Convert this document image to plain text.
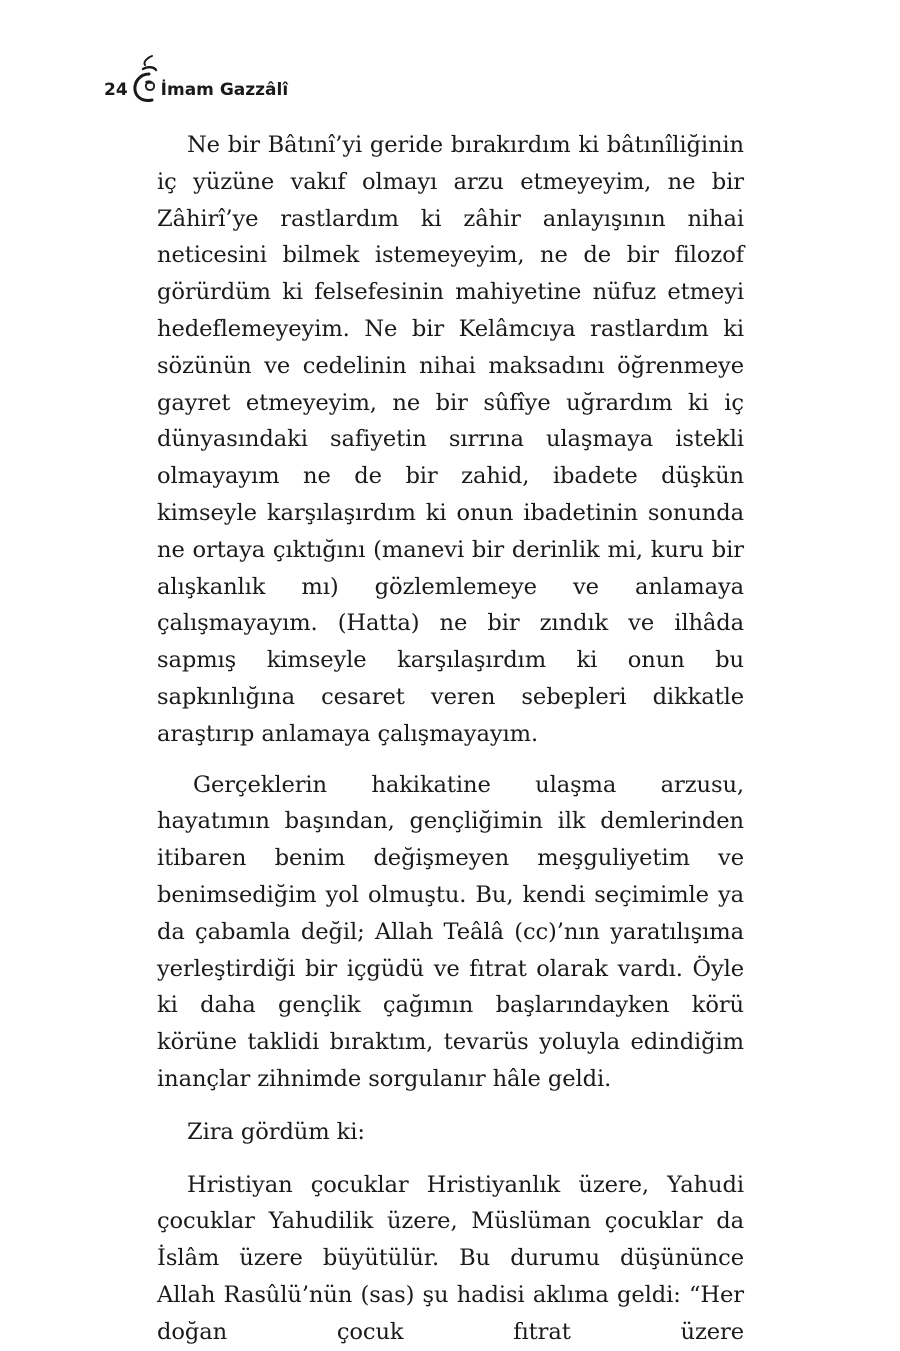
24 İmam Gazzâlî

Ne bir Bâtınî’yi geride bırakırdım ki bâtınîliğinin iç yüzüne vakıf olmayı arzu etmeyeyim, ne bir Zâhirî’ye rastlardım ki zâhir anlayışının nihai neticesini bilmek istemeyeyim, ne de bir filozof görürdüm ki felsefesinin mahiyetine nüfuz etmeyi hedeflemeyeyim. Ne bir Kelâmcıya rastlardım ki sözünün ve cedelinin nihai maksadını öğrenmeye gayret etmeyeyim, ne bir sûfîye uğrardım ki iç dünyasındaki safiyetin sırrına ulaşmaya istekli olmayayım ne de bir zahid, ibadete düşkün kimseyle karşılaşırdım ki onun ibadetinin sonunda ne ortaya çıktığını (manevi bir derinlik mi, kuru bir alışkanlık mı) gözlemlemeye ve anlamaya çalışmayayım. (Hatta) ne bir zındık ve ilhâda sapmış kimseyle karşılaşırdım ki onun bu sapkınlığına cesaret veren sebepleri dikkatle araştırıp anlamaya çalışmayayım.

Gerçeklerin hakikatine ulaşma arzusu, hayatımın başından, gençliğimin ilk demlerinden itibaren benim değişmeyen meşguliyetim ve benimsediğim yol olmuştu. Bu, kendi seçimimle ya da çabamla değil; Allah Teâlâ (cc)’nın yaratılışıma yerleştirdiği bir içgüdü ve fıtrat olarak vardı. Öyle ki daha gençlik çağımın başlarındayken körü körüne taklidi bıraktım, tevarüs yoluyla edindiğim inançlar zihnimde sorgulanır hâle geldi.

Zira gördüm ki:

Hristiyan çocuklar Hristiyanlık üzere, Yahudi çocuklar Yahudilik üzere, Müslüman çocuklar da İslâm üzere büyütülür. Bu durumu düşününce Allah Rasûlü’nün (sas) şu hadisi aklıma geldi: “Her doğan çocuk fıtrat üzere
